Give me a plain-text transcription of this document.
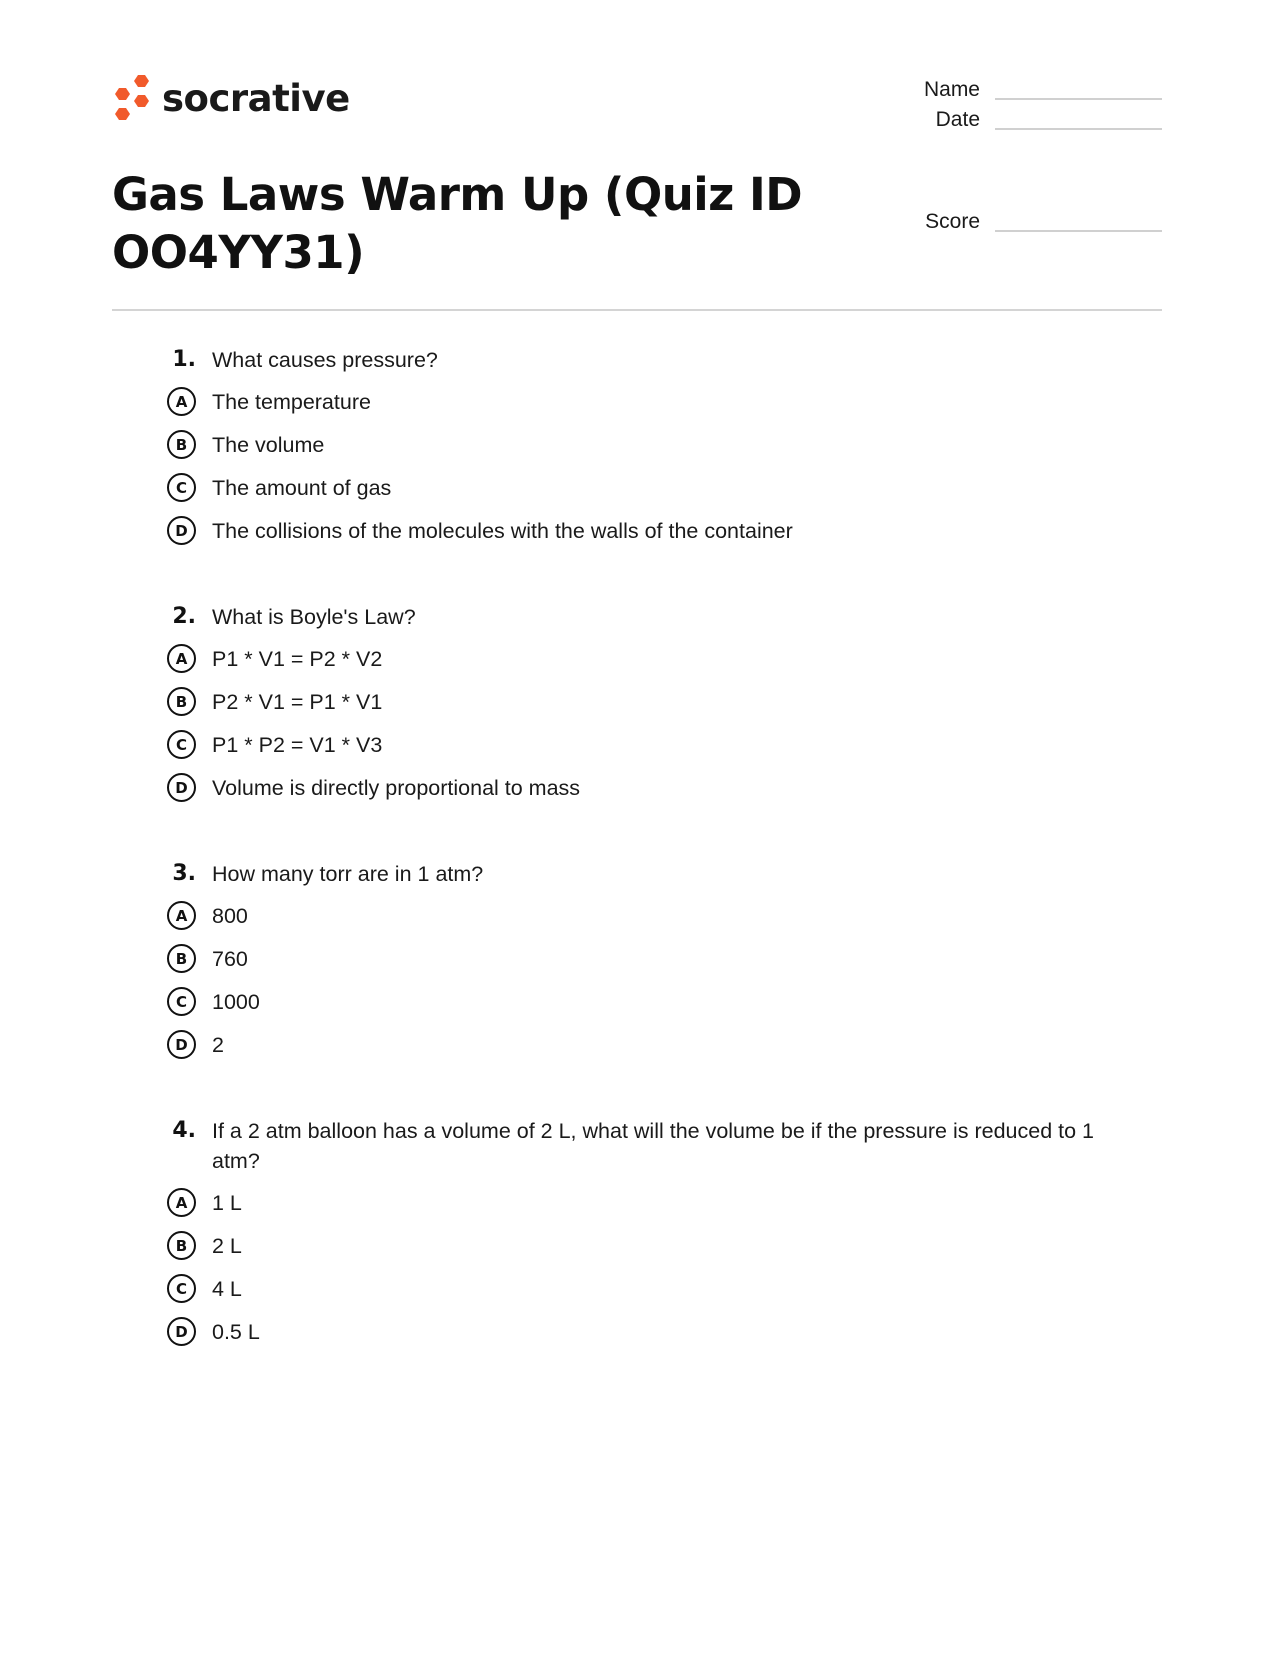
socrative
Gas Laws Warm Up (Quiz ID OO4YY31)
Name
Date
Score
1. What causes pressure?
A	The temperature
B	The volume
C	The amount of gas
D	The collisions of the molecules with the walls of the container
2. What is Boyle's Law?
A	P1 * V1 = P2 * V2
B	P2 * V1 = P1 * V1
C	P1 * P2 = V1 * V3
D	Volume is directly proportional to mass
3. How many torr are in 1 atm?
A	800
B	760
C	1000
D	2
4. If a 2 atm balloon has a volume of 2 L, what will the volume be if the pressure is reduced to 1 atm?
A	1 L
B	2 L
C	4 L
D	0.5 L
